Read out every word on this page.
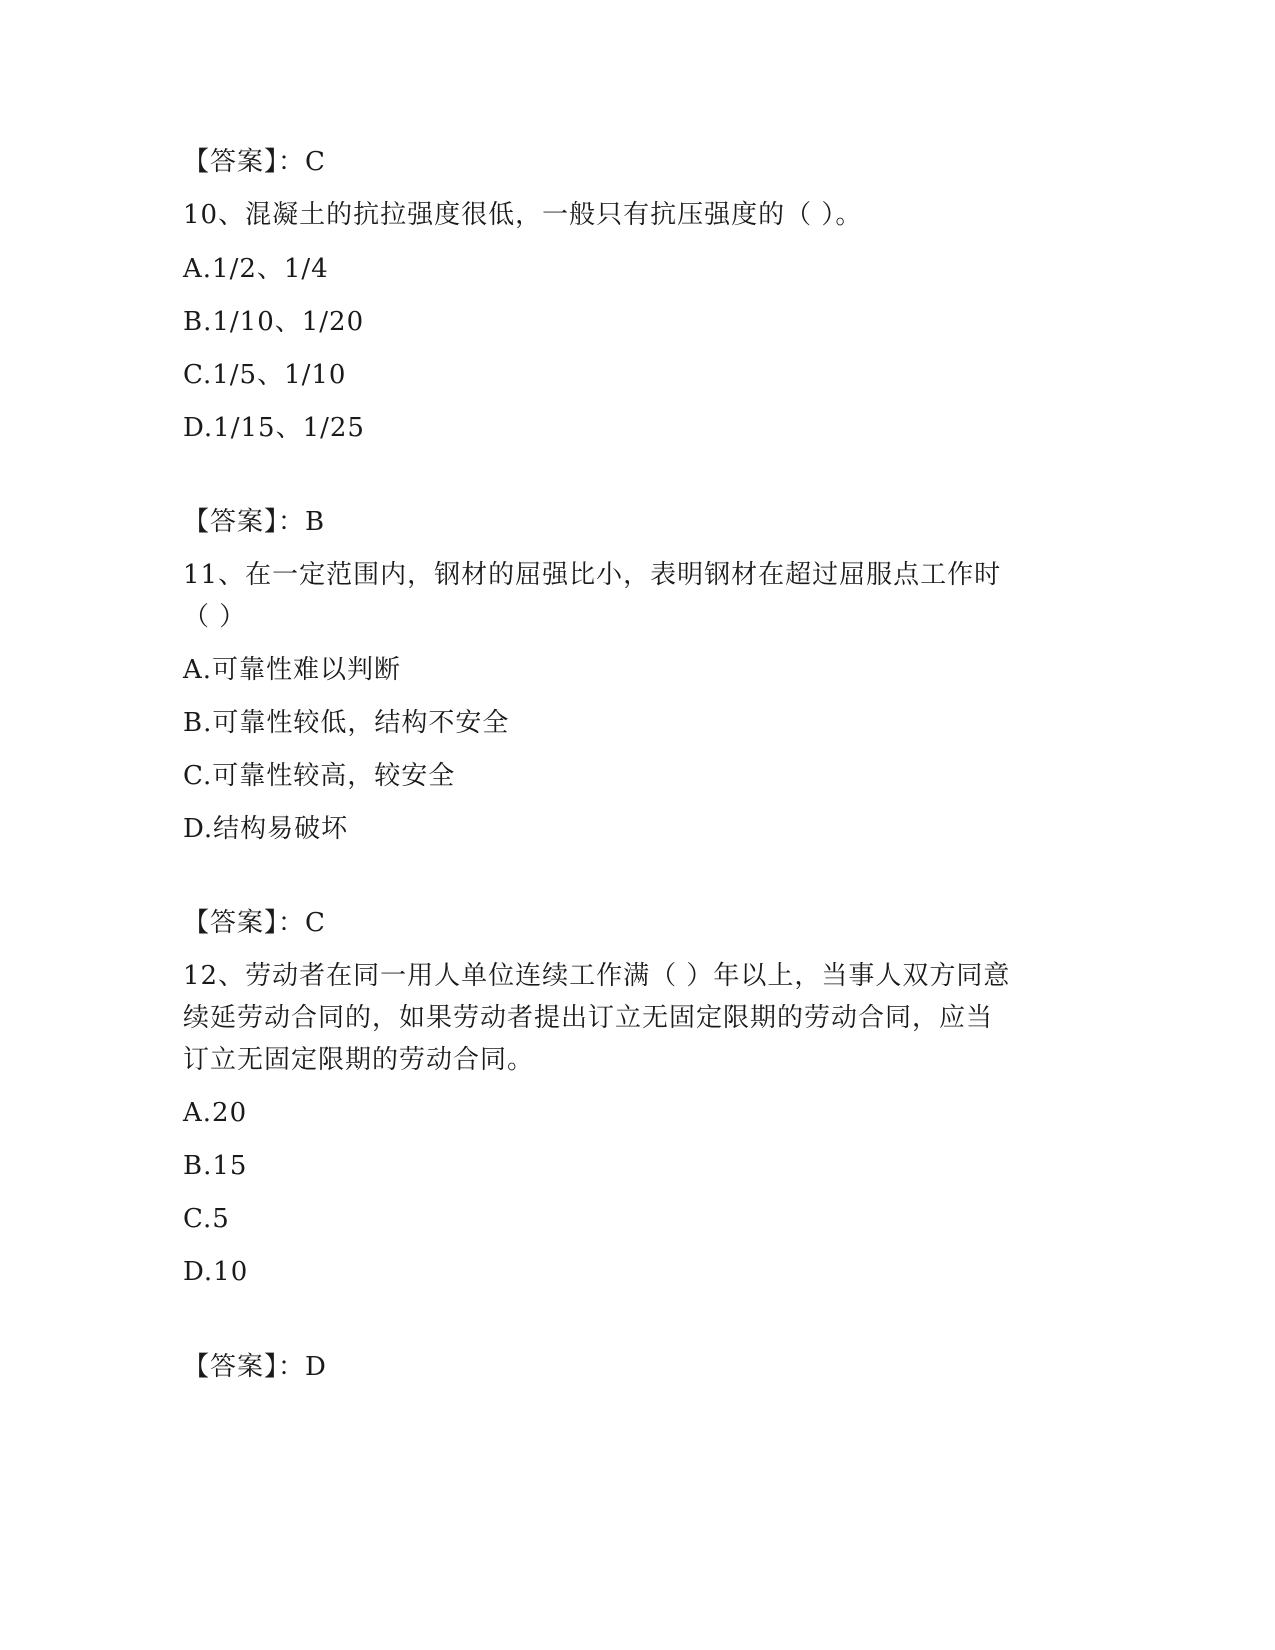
【答案】：C
10、混凝土的抗拉强度很低，一般只有抗压强度的（ ）。
A.1/2、1/4
B.1/10、1/20
C.1/5、1/10
D.1/15、1/25
【答案】：B
11、在一定范围内，钢材的屈强比小，表明钢材在超过屈服点工作时
（ ）
A.可靠性难以判断
B.可靠性较低，结构不安全
C.可靠性较高，较安全
D.结构易破坏
【答案】：C
12、劳动者在同一用人单位连续工作满（ ）年以上，当事人双方同意
续延劳动合同的，如果劳动者提出订立无固定限期的劳动合同，应当
订立无固定限期的劳动合同。
A.20
B.15
C.5
D.10
【答案】：D
